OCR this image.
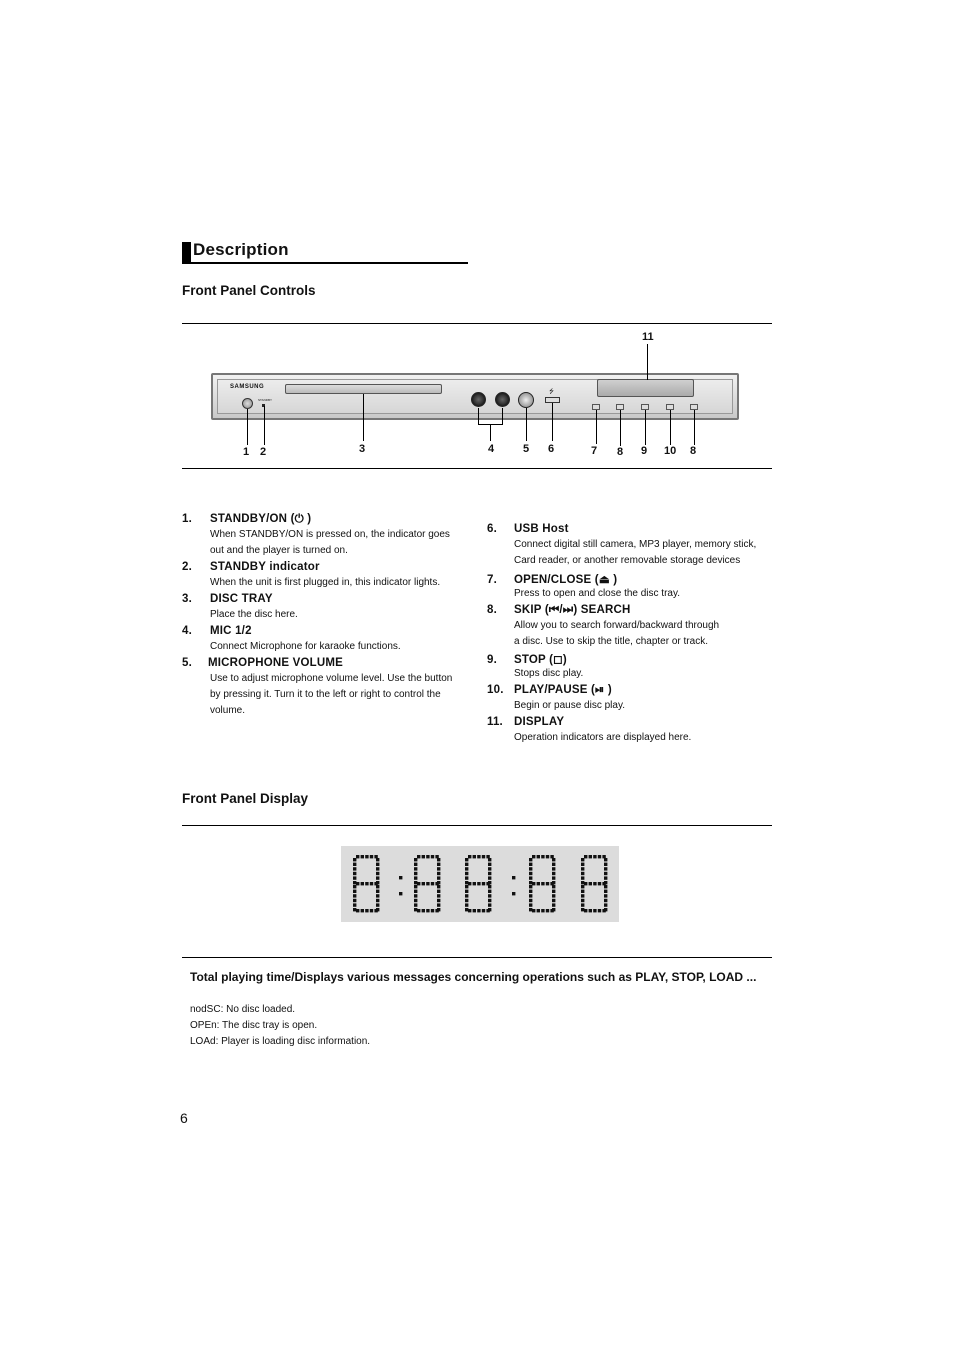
Description
Front Panel Controls
SAMSUNG
STANDBY
⭍
1 2	3	4	5 6	7 8 9 10 8
11
1. STANDBY/ON (⏻ )
When STANDBY/ON is pressed on, the indicator goes
out and the player is turned on.
2. STANDBY indicator
When the unit is first plugged in, this indicator lights.
3. DISC TRAY
Place the disc here.
4. MIC 1/2
Connect Microphone for karaoke functions.
5. MICROPHONE VOLUME
Use to adjust microphone volume level. Use the button
by pressing it. Turn it to the left or right to control the
volume.
6. USB Host
Connect digital still camera, MP3 player, memory stick,
Card reader, or another removable storage devices
7. OPEN/CLOSE (⏏ )
Press to open and close the disc tray.
8. SKIP (⏮/⏭) SEARCH
Allow you to search forward/backward through
a disc. Use to skip the title, chapter or track.
9. STOP (◻)
Stops disc play.
10. PLAY/PAUSE (⏯ )
Begin or pause disc play.
11. DISPLAY
Operation indicators are displayed here.
Front Panel Display
Total playing time/Displays various messages concerning operations such as PLAY, STOP, LOAD ...
nodSC: No disc loaded.
OPEn: The disc tray is open.
LOAd: Player is loading disc information.
6
